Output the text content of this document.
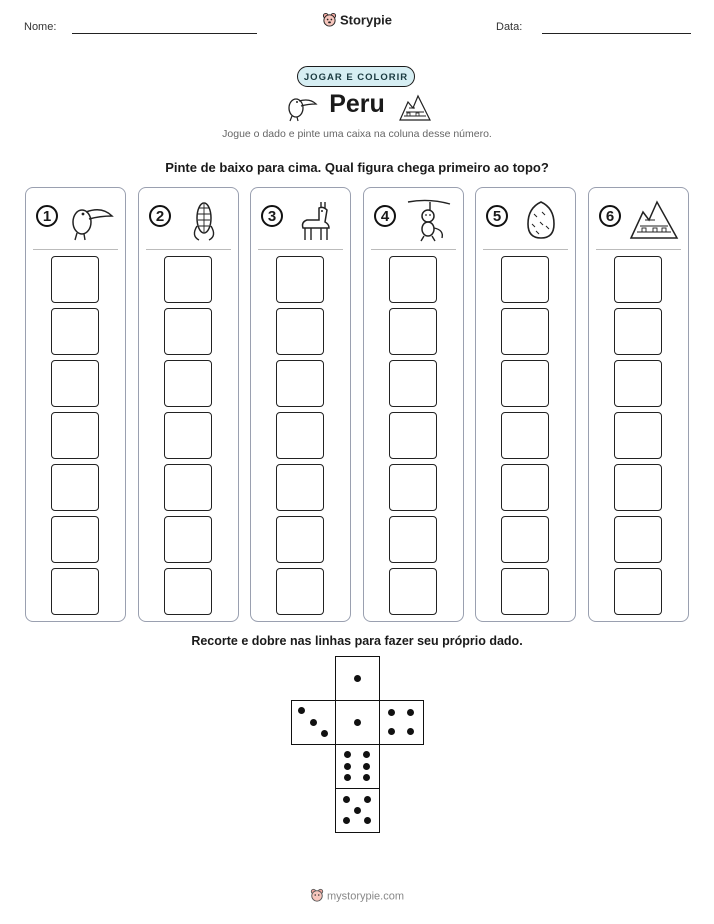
Nome:	Storypie	Data:
JOGAR E COLORIR
Peru
Jogue o dado e pinte uma caixa na coluna desse número.
Pinte de baixo para cima. Qual figura chega primeiro ao topo?
1	2	3	4	5	6
Recorte e dobre nas linhas para fazer seu próprio dado.
mystorypie.com
